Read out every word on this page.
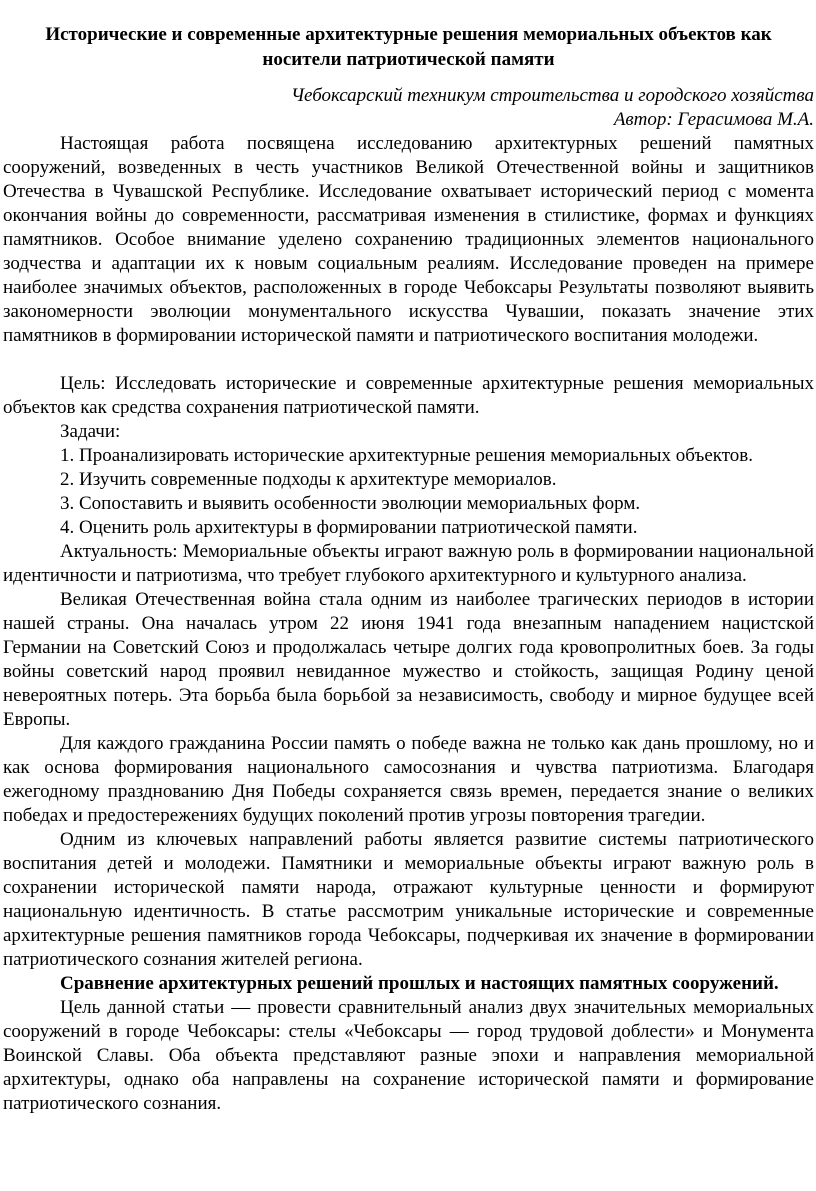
Исторические и современные архитектурные решения мемориальных объектов как носители патриотической памяти
Чебоксарский техникум строительства и городского хозяйства
Автор: Герасимова М.А.

Настоящая работа посвящена исследованию архитектурных решений памятных сооружений, возведенных в честь участников Великой Отечественной войны и защитников Отечества в Чувашской Республике. Исследование охватывает исторический период с момента окончания войны до современности, рассматривая изменения в стилистике, формах и функциях памятников. Особое внимание уделено сохранению традиционных элементов национального зодчества и адаптации их к новым социальным реалиям. Исследование проведен на примере наиболее значимых объектов, расположенных в городе Чебоксары Результаты позволяют выявить закономерности эволюции монументального искусства Чувашии, показать значение этих памятников в формировании исторической памяти и патриотического воспитания молодежи.

Цель: Исследовать исторические и современные архитектурные решения мемориальных объектов как средства сохранения патриотической памяти.

Задачи:

1. Проанализировать исторические архитектурные решения мемориальных объектов.

2. Изучить современные подходы к архитектуре мемориалов.

3. Сопоставить и выявить особенности эволюции мемориальных форм.

4. Оценить роль архитектуры в формировании патриотической памяти.

Актуальность: Мемориальные объекты играют важную роль в формировании национальной идентичности и патриотизма, что требует глубокого архитектурного и культурного анализа.

Великая Отечественная война стала одним из наиболее трагических периодов в истории нашей страны. Она началась утром 22 июня 1941 года внезапным нападением нацистской Германии на Советский Союз и продолжалась четыре долгих года кровопролитных боев. За годы войны советский народ проявил невиданное мужество и стойкость, защищая Родину ценой невероятных потерь. Эта борьба была борьбой за независимость, свободу и мирное будущее всей Европы.

Для каждого гражданина России память о победе важна не только как дань прошлому, но и как основа формирования национального самосознания и чувства патриотизма. Благодаря ежегодному празднованию Дня Победы сохраняется связь времен, передается знание о великих победах и предостережениях будущих поколений против угрозы повторения трагедии.

Одним из ключевых направлений работы является развитие системы патриотического воспитания детей и молодежи. Памятники и мемориальные объекты играют важную роль в сохранении исторической памяти народа, отражают культурные ценности и формируют национальную идентичность. В статье рассмотрим уникальные исторические и современные архитектурные решения памятников города Чебоксары, подчеркивая их значение в формировании патриотического сознания жителей региона.

Сравнение архитектурных решений прошлых и настоящих памятных сооружений.

Цель данной статьи — провести сравнительный анализ двух значительных мемориальных сооружений в городе Чебоксары: стелы «Чебоксары — город трудовой доблести» и Монумента Воинской Славы. Оба объекта представляют разные эпохи и направления мемориальной архитектуры, однако оба направлены на сохранение исторической памяти и формирование патриотического сознания.
